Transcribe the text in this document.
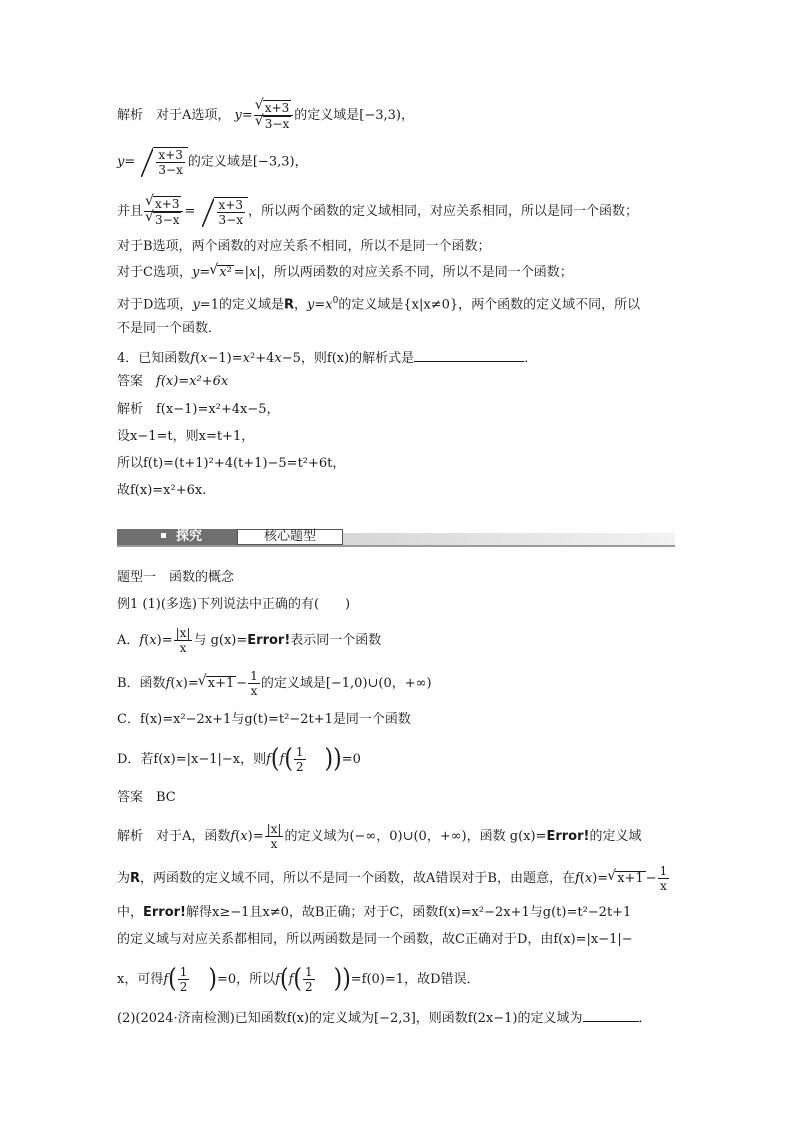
解析　对于A选项， y= √ x+3
√ 3−x 的定义域是[−3,3)，
$y= \frac{x+3}{3-x}$ 的定义域是[−3,3)，
并且 √ x+3
√ $3-x = \frac{x+3}{3-x}$ ，所以两个函数的定义域相同，对应关系相同，所以是同一个函数；
对于B选项，两个函数的对应关系不相同，所以不是同一个函数；
对于C选项，y= √ x² =|x|，所以两函数的对应关系不同，所以不是同一个函数；
对于D选项，y=1的定义域是R，$y=x^0$的定义域是{x|x≠0}，两个函数的定义域不同，所以
不是同一个函数．
4．已知函数f(x−1)=x²+4x−5，则f(x)的解析式是	．
答案　f(x)=x²+6x
解析　f(x−1)=x²+4x−5，
设x−1=t，则x=t+1，
所以f(t)=(t+1)²+4(t+1)−5=t²+6t，
故f(x)=x²+6x.
探究	核心题型
题型一　函数的概念
例1 (1)(多选)下列说法中正确的有(　　)
A．$f(x)= \frac{|x|}{x}$ 与 g(x)=Error!表示同一个函数
B．函数f(x)= √ $x+1 - \frac{1}{x}$ 的定义域是[−1,0)∪(0，+∞)
C．f(x)=x²−2x+1与g(t)=t²−2t+1是同一个函数
D．若f(x)=|x−1|−x，则$f(f( \frac{1}{2} ))=0$
答案　BC
解析　对于A，函数$f(x)= \frac{|x|}{x}$ 的定义域为(−∞，0)∪(0，+∞)，函数 g(x)=Error!的定义域
为R，两函数的定义域不同，所以不是同一个函数，故A错误对于B，由题意，在f(x)= √ $x+1 - \frac{1}{x}$
中，Error!解得x≥−1且x≠0，故B正确；对于C，函数f(x)=x²−2x+1与g(t)=t²−2t+1
的定义域与对应关系都相同，所以两函数是同一个函数，故C正确对于D，由f(x)=|x−1|−
x，可得$f( \frac{1}{2} )=0$，所以$f(f( \frac{1}{2} ))=f(0)=1$，故D错误．
(2)(2024·济南检测)已知函数f(x)的定义域为[−2,3]，则函数f(2x−1)的定义域为	．
